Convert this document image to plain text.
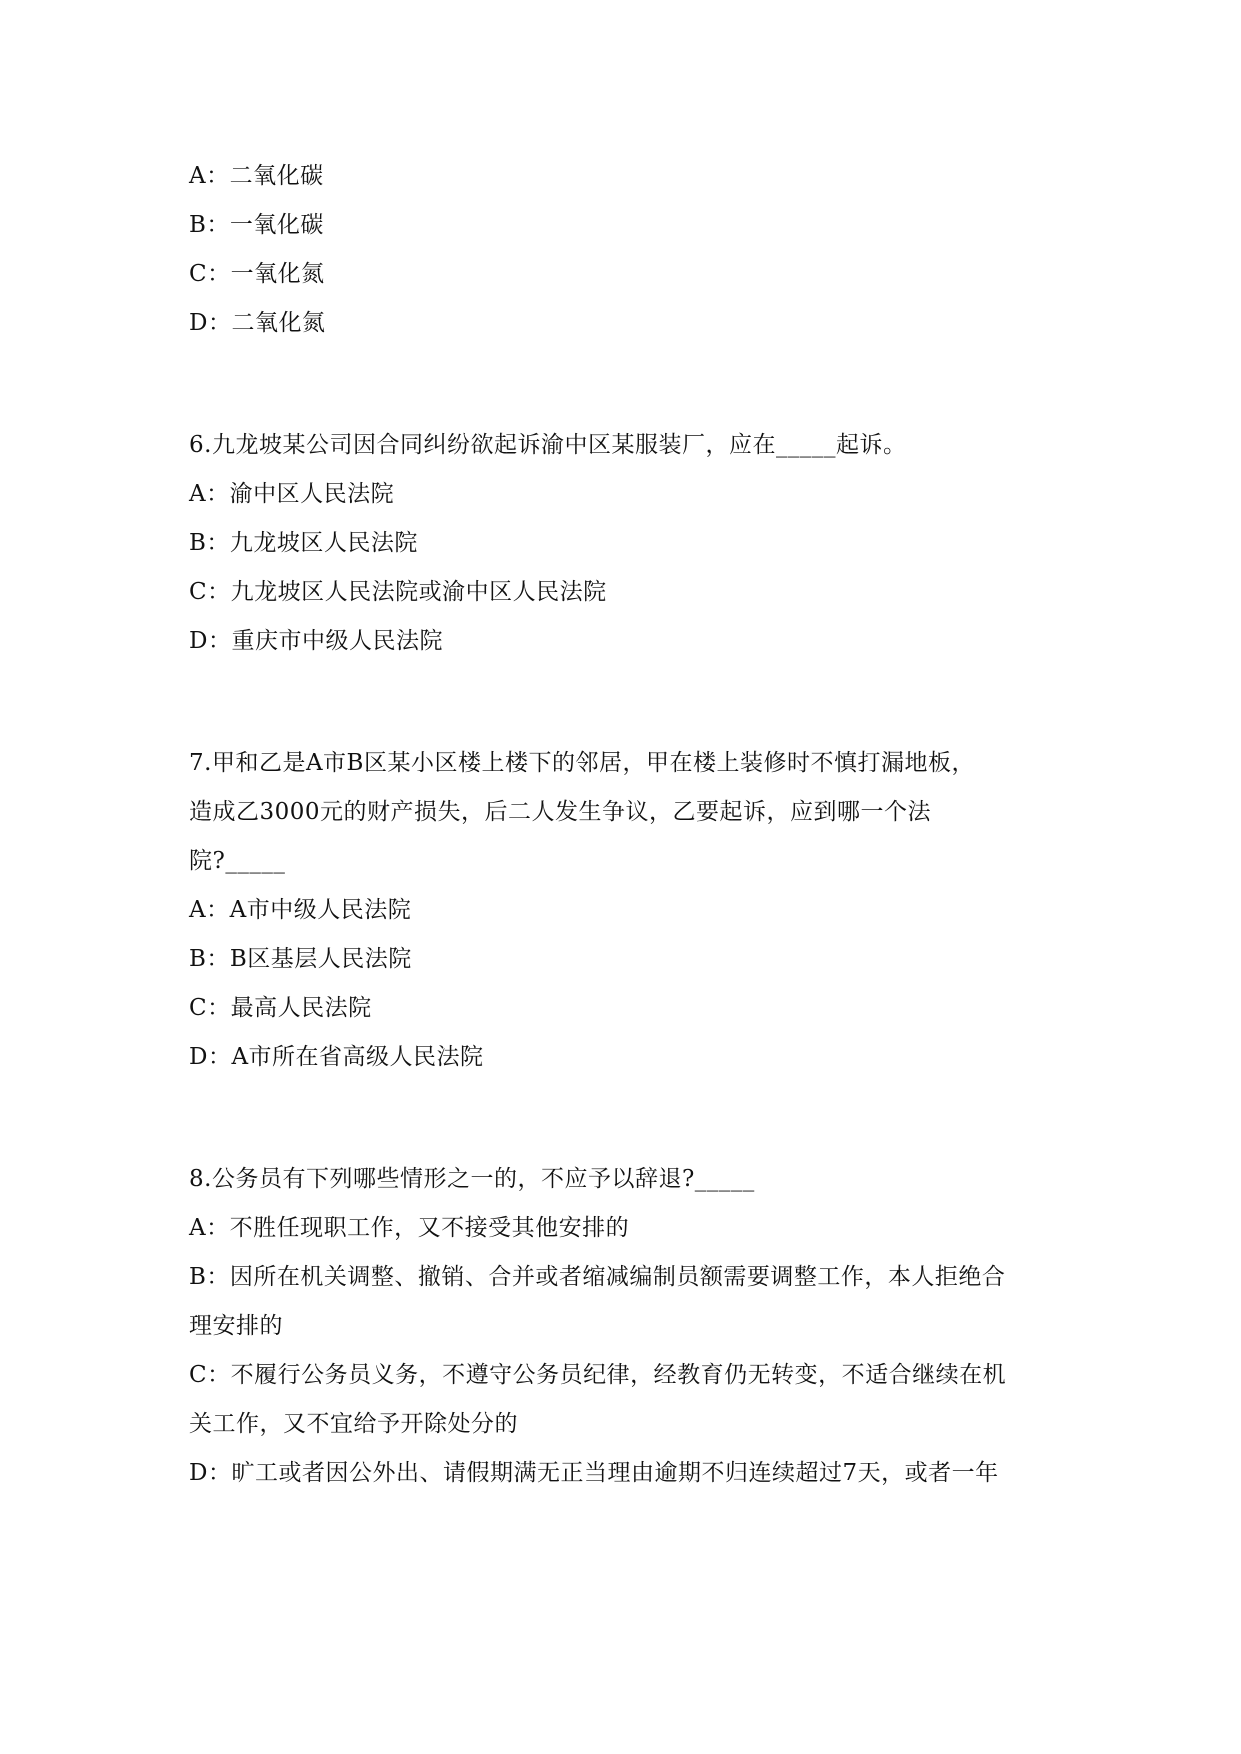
A：二氧化碳
B：一氧化碳
C：一氧化氮
D：二氧化氮
6.九龙坡某公司因合同纠纷欲起诉渝中区某服装厂，应在_____起诉。
A：渝中区人民法院
B：九龙坡区人民法院
C：九龙坡区人民法院或渝中区人民法院
D：重庆市中级人民法院
7.甲和乙是A市B区某小区楼上楼下的邻居，甲在楼上装修时不慎打漏地板，
造成乙3000元的财产损失，后二人发生争议，乙要起诉，应到哪一个法
院?_____
A：A市中级人民法院
B：B区基层人民法院
C：最高人民法院
D：A市所在省高级人民法院
8.公务员有下列哪些情形之一的，不应予以辞退?_____
A：不胜任现职工作，又不接受其他安排的
B：因所在机关调整、撤销、合并或者缩减编制员额需要调整工作，本人拒绝合
理安排的
C：不履行公务员义务，不遵守公务员纪律，经教育仍无转变，不适合继续在机
关工作，又不宜给予开除处分的
D：旷工或者因公外出、请假期满无正当理由逾期不归连续超过7天，或者一年
